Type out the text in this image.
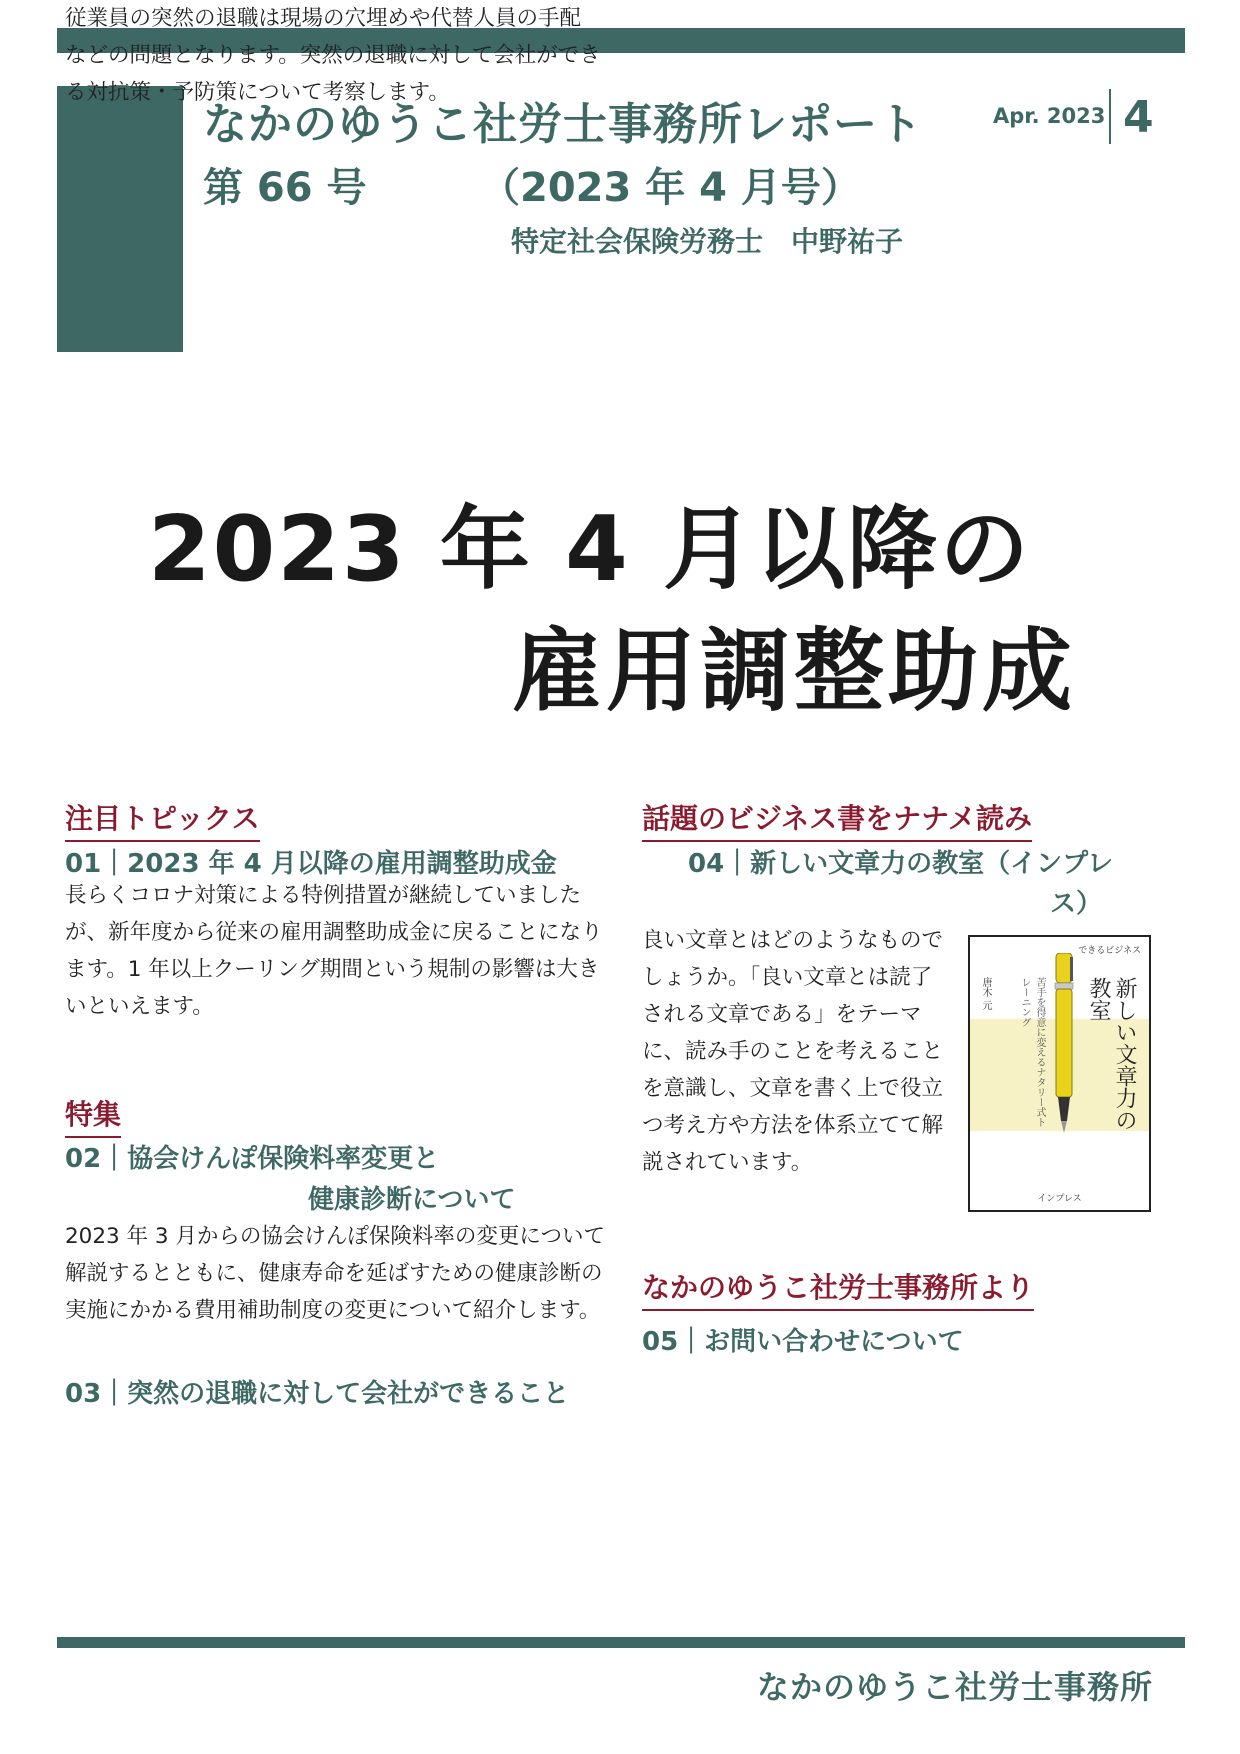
なかのゆうこ社労士事務所レポート
第 66 号	（2023 年 4 月号）
特定社会保険労務士　中野祐子
Apr. 2023 4
2023 年 4 月以降の
雇用調整助成
注目トピックス
01｜2023 年 4 月以降の雇用調整助成金
長らくコロナ対策による特例措置が継続していました
が、新年度から従来の雇用調整助成金に戻ることになり
ます。1 年以上クーリング期間という規制の影響は大き
いといえます。
特集
02｜協会けんぽ保険料率変更と
健康診断について
2023 年 3 月からの協会けんぽ保険料率の変更について
解説するとともに、健康寿命を延ばすための健康診断の
実施にかかる費用補助制度の変更について紹介します。
03｜突然の退職に対して会社ができること
従業員の突然の退職は現場の穴埋めや代替人員の手配
などの問題となります。突然の退職に対して会社ができ
る対抗策・予防策について考察します。
話題のビジネス書をナナメ読み
04｜新しい文章力の教室（インプレ
ス）
良い文章とはどのようなもので
しょうか。「良い文章とは読了
される文章である」をテーマ
に、読み手のことを考えること
を意識し、文章を書く上で役立
つ考え方や方法を体系立てて解
説されています。
できるビジネス
新しい文章力の教室
苦手を得意に変えるナタリー式トレーニング
唐木 元
インプレス
なかのゆうこ社労士事務所より
05｜お問い合わせについて
なかのゆうこ社労士事務所
